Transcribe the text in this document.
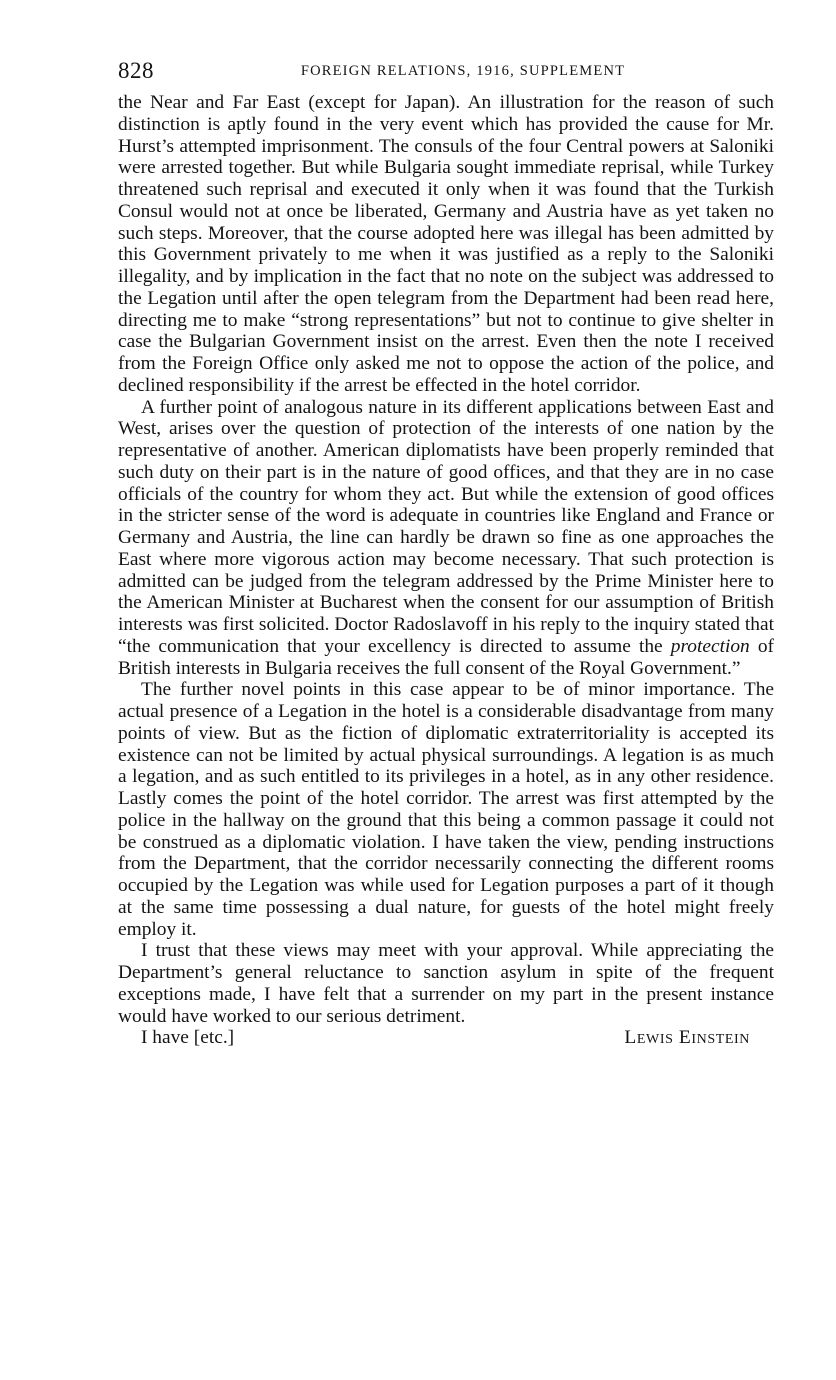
828	FOREIGN RELATIONS, 1916, SUPPLEMENT

the Near and Far East (except for Japan). An illustration for the reason of such distinction is aptly found in the very event which has provided the cause for Mr. Hurst’s attempted imprisonment. The consuls of the four Central powers at Saloniki were arrested together. But while Bulgaria sought immediate reprisal, while Turkey threatened such reprisal and executed it only when it was found that the Turkish Consul would not at once be liberated, Germany and Austria have as yet taken no such steps. Moreover, that the course adopted here was illegal has been admitted by this Government privately to me when it was justified as a reply to the Saloniki illegality, and by implication in the fact that no note on the subject was addressed to the Legation until after the open telegram from the Department had been read here, directing me to make “strong representations” but not to continue to give shelter in case the Bulgarian Government insist on the arrest. Even then the note I received from the Foreign Office only asked me not to oppose the action of the police, and declined responsibility if the arrest be effected in the hotel corridor.

A further point of analogous nature in its different applications between East and West, arises over the question of protection of the interests of one nation by the representative of another. American diplomatists have been properly reminded that such duty on their part is in the nature of good offices, and that they are in no case officials of the country for whom they act. But while the extension of good offices in the stricter sense of the word is adequate in countries like England and France or Germany and Austria, the line can hardly be drawn so fine as one approaches the East where more vigorous action may become necessary. That such protection is admitted can be judged from the telegram addressed by the Prime Minister here to the American Minister at Bucharest when the consent for our assumption of British interests was first solicited. Doctor Radoslavoff in his reply to the inquiry stated that “the communication that your excellency is directed to assume the protection of British interests in Bulgaria receives the full consent of the Royal Government.”

The further novel points in this case appear to be of minor importance. The actual presence of a Legation in the hotel is a considerable disadvantage from many points of view. But as the fiction of diplomatic extraterritoriality is accepted its existence can not be limited by actual physical surroundings. A legation is as much a legation, and as such entitled to its privileges in a hotel, as in any other residence. Lastly comes the point of the hotel corridor. The arrest was first attempted by the police in the hallway on the ground that this being a common passage it could not be construed as a diplomatic violation. I have taken the view, pending instructions from the Department, that the corridor necessarily connecting the different rooms occupied by the Legation was while used for Legation purposes a part of it though at the same time possessing a dual nature, for guests of the hotel might freely employ it.

I trust that these views may meet with your approval. While appreciating the Department’s general reluctance to sanction asylum in spite of the frequent exceptions made, I have felt that a surrender on my part in the present instance would have worked to our serious detriment.

I have [etc.]	Lewis Einstein
